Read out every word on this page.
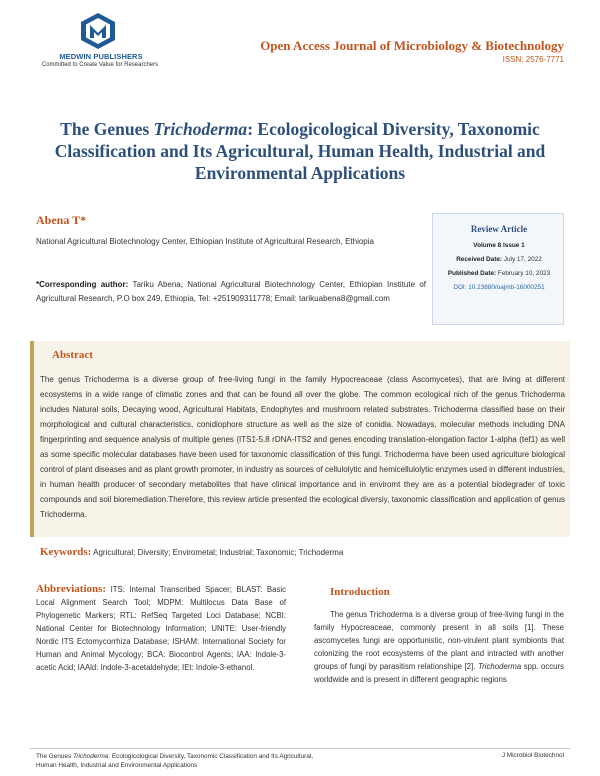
MEDWIN PUBLISHERS
Committed to Create Value for Researchers
Open Access Journal of Microbiology & Biotechnology
ISSN: 2576-7771
The Genues Trichoderma: Ecologicological Diversity, Taxonomic
Classification and Its Agricultural, Human Health, Industrial and
Environmental Applications
Abena T*
National Agricultural Biotechnology Center, Ethiopian Institute of Agricultural Research, Ethiopia
*Corresponding author: Tariku Abena, National Agricultural Biotechnology Center, Ethiopian Institute of Agricultural Research, P.O box 249, Ethiopia, Tel: +251909311778; Email: tarikuabena8@gmail.com
Review Article
Volume 8 Issue 1
Received Date: July 17, 2022
Published Date: February 10, 2023
DOI: 10.23880/oajmb-16000251
Abstract
The genus Trichoderma is a diverse group of free-living fungi in the family Hypocreaceae (class Ascomycetes), that are living at different ecosystems in a wide range of climatic zones and that can be found all over the globe. The common ecological nich of the genus Trichoderma includes Natural soils, Decaying wood, Agricultural Habitats, Endophytes and mushroom related substrates. Trichoderma classified base on their morphological and cultural characteristics, conidiophore structure as well as the size of conidia. Nowadays, molecular methods including DNA fingerprinting and sequence analysis of multiple genes (ITS1-5.8 rDNA-ITS2 and genes encoding translation-elongation factor 1-alpha (tef1) as well as some specific molecular databases have been used for taxonomic classification of this fungi. Trichoderma have been used agriculture biological control of plant diseases and as plant growth promoter, in industry as sources of cellulolytic and hemicellulolytic enzymes used in different industries, in human health producer of secondary metabolites that have clinical importance and in enviromt they are as a potential biodegrader of toxic compounds and soil bioremediation.Therefore, this review article presented the ecological diversiy, taxonomic classification and application of genus Trichoderma.
Keywords: Agricultural; Diversity; Envirometal; Industrial; Taxonomic; Trichoderma
Abbreviations: ITS: Internal Transcribed Spacer; BLAST: Basic Local Alignment Search Tool; MDPM: Multilocus Data Base of Phylogenetic Markers; RTL: RefSeq Targeted Loci Database; NCBI: National Center for Biotechnology Information; UNITE: User-friendly Nordic ITS Ectomycorrhiza Database; ISHAM: International Society for Human and Animal Mycology; BCA: Biocontrol Agents; IAA: Indole-3-acetic Acid; IAAld: Indole-3-acetaldehyde; IEt: Indole-3-ethanol.
Introduction
The genus Trichoderma is a diverse group of free-living fungi in the family Hypocreaceae, commonly present in all soils [1]. These ascomycetes fungi are opportunistic, non-virulent plant symbionts that colonizing the root ecosystems of the plant and intracted with another groups of fungi by parasitism relationshipe [2]. Trichoderma spp. occurs worldwide and is present in different geographic regions
The Genues Trichoderma: Ecologicological Diversity, Taxonomic Classification and Its Agricultural,
Human Health, Industrial and Environmental Applications
J Microbiol Biotechnol
